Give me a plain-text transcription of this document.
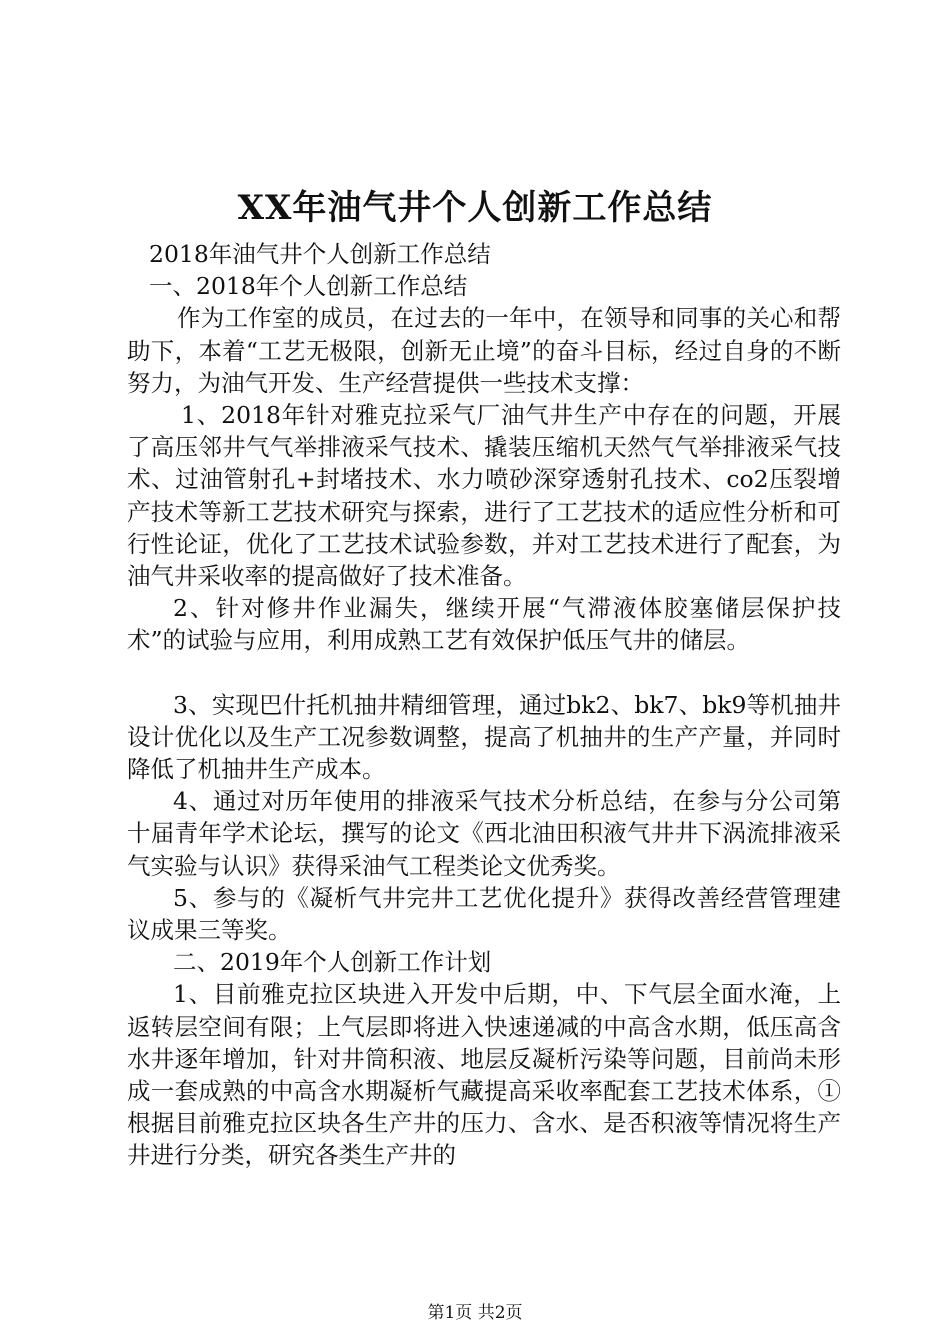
XX年油气井个人创新工作总结

2018年油气井个人创新工作总结

一、2018年个人创新工作总结

作为工作室的成员，在过去的一年中，在领导和同事的关心和帮助下，本着“工艺无极限，创新无止境”的奋斗目标，经过自身的不断努力，为油气开发、生产经营提供一些技术支撑：

1、2018年针对雅克拉采气厂油气井生产中存在的问题，开展了高压邻井气气举排液采气技术、撬装压缩机天然气气举排液采气技术、过油管射孔+封堵技术、水力喷砂深穿透射孔技术、co2压裂增产技术等新工艺技术研究与探索，进行了工艺技术的适应性分析和可行性论证，优化了工艺技术试验参数，并对工艺技术进行了配套，为油气井采收率的提高做好了技术准备。

2、针对修井作业漏失，继续开展“气滞液体胶塞储层保护技术”的试验与应用，利用成熟工艺有效保护低压气井的储层。

3、实现巴什托机抽井精细管理，通过bk2、bk7、bk9等机抽井设计优化以及生产工况参数调整，提高了机抽井的生产产量，并同时降低了机抽井生产成本。

4、通过对历年使用的排液采气技术分析总结，在参与分公司第十届青年学术论坛，撰写的论文《西北油田积液气井井下涡流排液采气实验与认识》获得采油气工程类论文优秀奖。

5、参与的《凝析气井完井工艺优化提升》获得改善经营管理建议成果三等奖。

二、2019年个人创新工作计划

1、目前雅克拉区块进入开发中后期，中、下气层全面水淹，上返转层空间有限；上气层即将进入快速递减的中高含水期，低压高含水井逐年增加，针对井筒积液、地层反凝析污染等问题，目前尚未形成一套成熟的中高含水期凝析气藏提高采收率配套工艺技术体系，①根据目前雅克拉区块各生产井的压力、含水、是否积液等情况将生产井进行分类，研究各类生产井的

第1页 共2页
